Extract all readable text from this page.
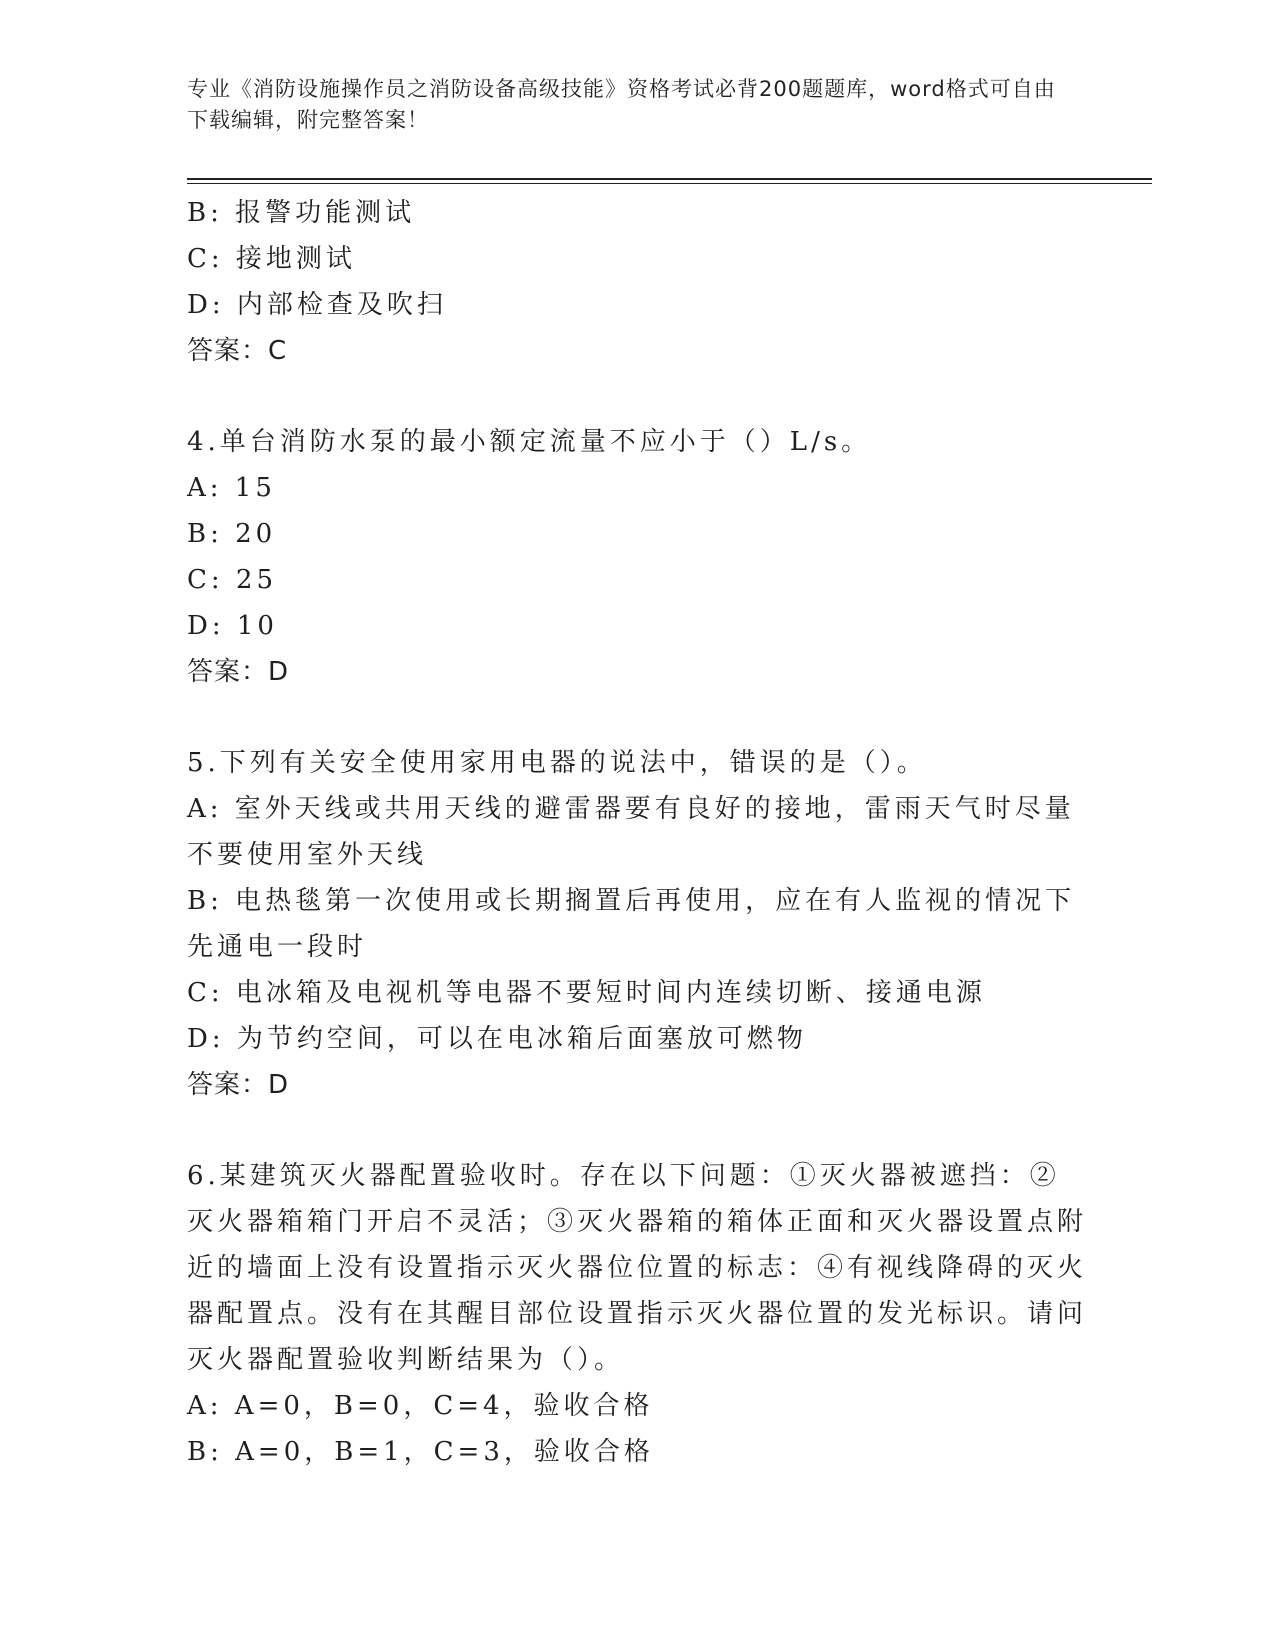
专业《消防设施操作员之消防设备高级技能》资格考试必背200题题库，word格式可自由下载编辑，附完整答案！
B: 报警功能测试
C: 接地测试
D: 内部检查及吹扫
答案：C
4.单台消防水泵的最小额定流量不应小于（）L/s。
A: 15
B: 20
C: 25
D: 10
答案：D
5.下列有关安全使用家用电器的说法中，错误的是（）。
A: 室外天线或共用天线的避雷器要有良好的接地，雷雨天气时尽量不要使用室外天线
B: 电热毯第一次使用或长期搁置后再使用，应在有人监视的情况下先通电一段时
C: 电冰箱及电视机等电器不要短时间内连续切断、接通电源
D: 为节约空间，可以在电冰箱后面塞放可燃物
答案：D
6.某建筑灭火器配置验收时。存在以下问题：①灭火器被遮挡：②灭火器箱箱门开启不灵活；③灭火器箱的箱体正面和灭火器设置点附近的墙面上没有设置指示灭火器位位置的标志：④有视线降碍的灭火器配置点。没有在其醒目部位设置指示灭火器位置的发光标识。请问灭火器配置验收判断结果为（）。
A: A=0，B=0，C=4，验收合格
B: A=0，B=1，C=3，验收合格
